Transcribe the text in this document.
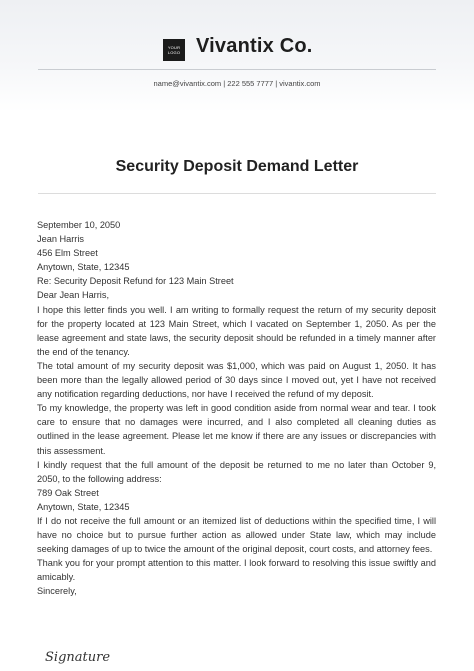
YOUR LOGO Vivantix Co.
name@vivantix.com | 222 555 7777 | vivantix.com
Security Deposit Demand Letter
September 10, 2050
Jean Harris
456 Elm Street
Anytown, State, 12345
Re: Security Deposit Refund for 123 Main Street
Dear Jean Harris,
I hope this letter finds you well. I am writing to formally request the return of my security deposit for the property located at 123 Main Street, which I vacated on September 1, 2050. As per the lease agreement and state laws, the security deposit should be refunded in a timely manner after the end of the tenancy.
The total amount of my security deposit was $1,000, which was paid on August 1, 2050. It has been more than the legally allowed period of 30 days since I moved out, yet I have not received any notification regarding deductions, nor have I received the refund of my deposit.
To my knowledge, the property was left in good condition aside from normal wear and tear. I took care to ensure that no damages were incurred, and I also completed all cleaning duties as outlined in the lease agreement. Please let me know if there are any issues or discrepancies with this assessment.
I kindly request that the full amount of the deposit be returned to me no later than October 9, 2050, to the following address:
789 Oak Street
Anytown, State, 12345
If I do not receive the full amount or an itemized list of deductions within the specified time, I will have no choice but to pursue further action as allowed under State law, which may include seeking damages of up to twice the amount of the original deposit, court costs, and attorney fees.
Thank you for your prompt attention to this matter. I look forward to resolving this issue swiftly and amicably.
Sincerely,
Signature
